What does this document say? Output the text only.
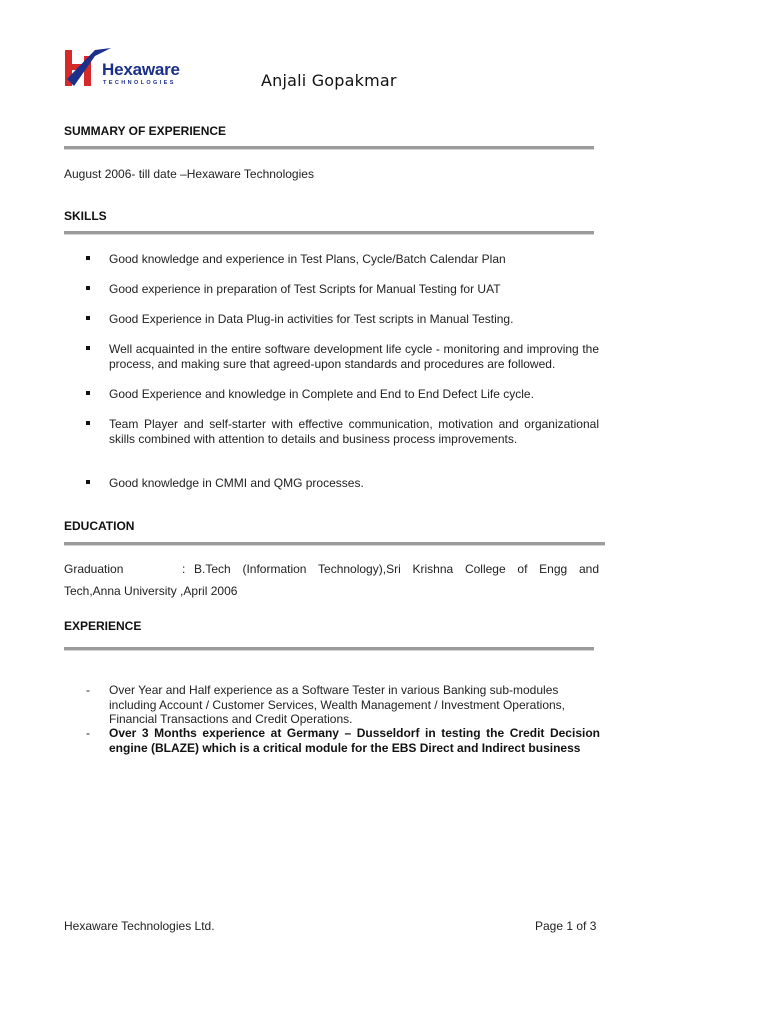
Hexaware
TECHNOLOGIES	Anjali Gopakmar
SUMMARY OF EXPERIENCE
August 2006- till date –Hexaware Technologies
SKILLS
Good knowledge and experience in Test Plans, Cycle/Batch Calendar Plan
Good experience in preparation of Test Scripts for Manual Testing for UAT
Good Experience in Data Plug-in activities for Test scripts in Manual Testing.
Well acquainted in the entire software development life cycle - monitoring and improving the process, and making sure that agreed-upon standards and procedures are followed.
Good Experience and knowledge in Complete and End to End Defect Life cycle.
Team Player and self-starter with effective communication, motivation and organizational skills combined with attention to details and business process improvements.
Good knowledge in CMMI and QMG processes.
EDUCATION
Graduation	: B.Tech (Information Technology),Sri Krishna College of Engg and
Tech,Anna University ,April 2006
EXPERIENCE
- Over Year and Half experience as a Software Tester in various Banking sub-modules including Account / Customer Services, Wealth Management / Investment Operations, Financial Transactions and Credit Operations.
- Over 3 Months experience at Germany – Dusseldorf in testing the Credit Decision engine (BLAZE) which is a critical module for the EBS Direct and Indirect business
Hexaware Technologies Ltd.	Page 1 of 3
